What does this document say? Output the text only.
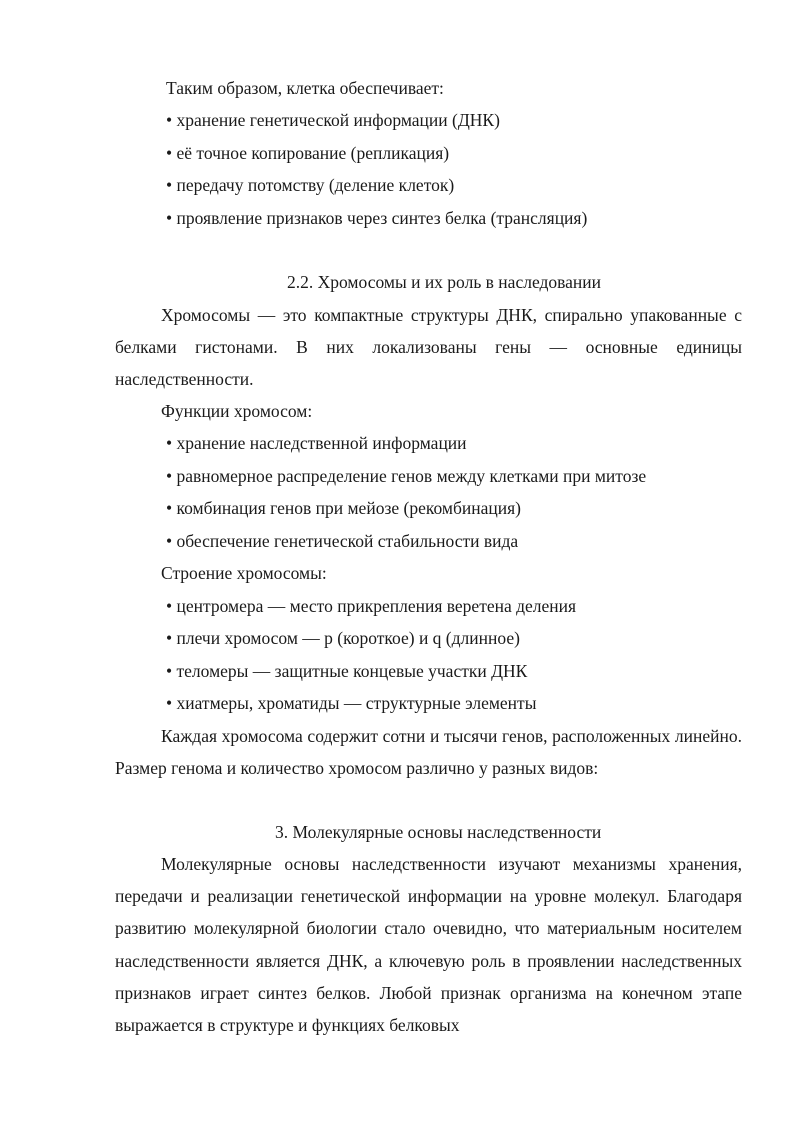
Таким образом, клетка обеспечивает:
• хранение генетической информации (ДНК)
• её точное копирование (репликация)
• передачу потомству (деление клеток)
• проявление признаков через синтез белка (трансляция)
2.2. Хромосомы и их роль в наследовании

Хромосомы — это компактные структуры ДНК, спирально упакованные с белками гистонами. В них локализованы гены — основные единицы наследственности.

Функции хромосом:
• хранение наследственной информации
• равномерное распределение генов между клетками при митозе
• комбинация генов при мейозе (рекомбинация)
• обеспечение генетической стабильности вида
Строение хромосомы:
• центромера — место прикрепления веретена деления
• плечи хромосом — p (короткое) и q (длинное)
• теломеры — защитные концевые участки ДНК
• хиатмеры, хроматиды — структурные элементы

Каждая хромосома содержит сотни и тысячи генов, расположенных линейно. Размер генома и количество хромосом различно у разных видов:

3. Молекулярные основы наследственности

Молекулярные основы наследственности изучают механизмы хранения, передачи и реализации генетической информации на уровне молекул. Благодаря развитию молекулярной биологии стало очевидно, что материальным носителем наследственности является ДНК, а ключевую роль в проявлении наследственных признаков играет синтез белков. Любой признак организма на конечном этапе выражается в структуре и функциях белковых
